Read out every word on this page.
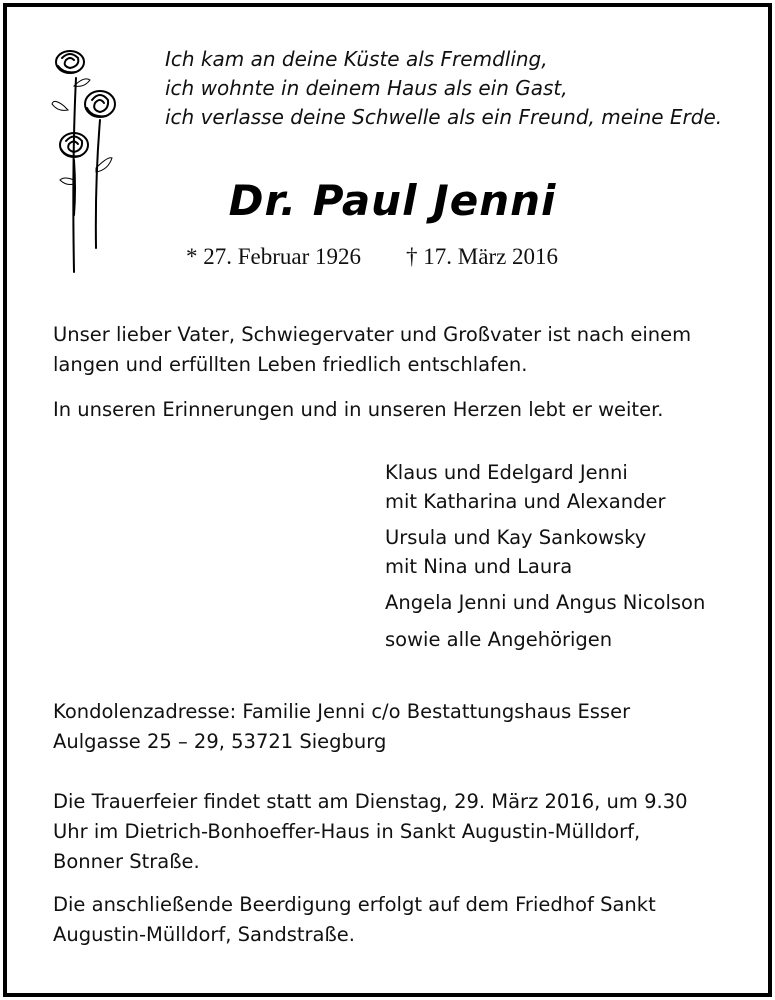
Ich kam an deine Küste als Fremdling,
ich wohnte in deinem Haus als ein Gast,
ich verlasse deine Schwelle als ein Freund, meine Erde.
Dr. Paul Jenni
* 27. Februar 1926 † 17. März 2016
Unser lieber Vater, Schwiegervater und Großvater ist nach einem
langen und erfüllten Leben friedlich entschlafen.
In unseren Erinnerungen und in unseren Herzen lebt er weiter.
Klaus und Edelgard Jenni
mit Katharina und Alexander
Ursula und Kay Sankowsky
mit Nina und Laura
Angela Jenni und Angus Nicolson
sowie alle Angehörigen
Kondolenzadresse: Familie Jenni c/o Bestattungshaus Esser
Aulgasse 25 – 29, 53721 Siegburg
Die Trauerfeier findet statt am Dienstag, 29. März 2016, um 9.30
Uhr im Dietrich-Bonhoeffer-Haus in Sankt Augustin-Mülldorf,
Bonner Straße.
Die anschließende Beerdigung erfolgt auf dem Friedhof Sankt
Augustin-Mülldorf, Sandstraße.
